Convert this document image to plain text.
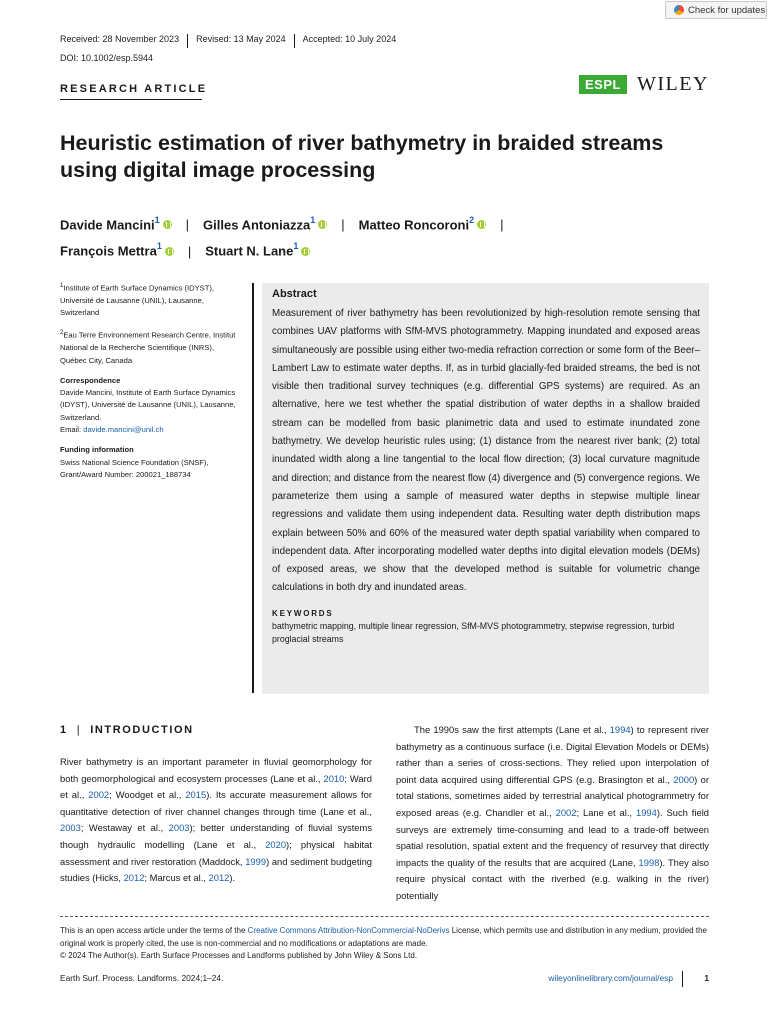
Check for updates
Received: 28 November 2023	Revised: 13 May 2024	Accepted: 10 July 2024
DOI: 10.1002/esp.5944
RESEARCH ARTICLE	ESPL WILEY
Heuristic estimation of river bathymetry in braided streams using digital image processing
Davide Mancini$^1$ | Gilles Antoniazza$^1$ | Matteo Roncoroni$^2$ |
François Mettra$^1$ | Stuart N. Lane$^1$

$^1$Institute of Earth Surface Dynamics (IDYST), Université de Lausanne (UNIL), Lausanne, Switzerland

$^2$Eau Terre Environnement Research Centre, Institut National de la Recherche Scientifique (INRS), Québec City, Canada

Correspondence
Davide Mancini, Institute of Earth Surface Dynamics (IDYST), Université de Lausanne (UNIL), Lausanne, Switzerland.
Email: davide.mancini@unil.ch

Funding information
Swiss National Science Foundation (SNSF), Grant/Award Number: 200021_188734

Abstract

Measurement of river bathymetry has been revolutionized by high-resolution remote sensing that combines UAV platforms with SfM-MVS photogrammetry. Mapping inundated and exposed areas simultaneously are possible using either two-media refraction correction or some form of the Beer–Lambert Law to estimate water depths. If, as in turbid glacially-fed braided streams, the bed is not visible then traditional survey techniques (e.g. differential GPS systems) are required. As an alternative, here we test whether the spatial distribution of water depths in a shallow braided stream can be modelled from basic planimetric data and used to estimate inundated zone bathymetry. We develop heuristic rules using; (1) distance from the nearest river bank; (2) total inundated width along a line tangential to the local flow direction; (3) local curvature magnitude and direction; and distance from the nearest flow (4) divergence and (5) convergence regions. We parameterize them using a sample of measured water depths in stepwise multiple linear regressions and validate them using independent data. Resulting water depth distribution maps explain between 50% and 60% of the measured water depth spatial variability when compared to independent data. After incorporating modelled water depths into digital elevation models (DEMs) of exposed areas, we show that the developed method is suitable for volumetric change calculations in both dry and inundated areas.

KEYWORDS
bathymetric mapping, multiple linear regression, SfM-MVS photogrammetry, stepwise regression, turbid proglacial streams
1 | INTRODUCTION

River bathymetry is an important parameter in fluvial geomorphology for both geomorphological and ecosystem processes (Lane et al., 2010; Ward et al., 2002; Woodget et al., 2015). Its accurate measurement allows for quantitative detection of river channel changes through time (Lane et al., 2003; Westaway et al., 2003); better understanding of fluvial systems though hydraulic modelling (Lane et al., 2020); physical habitat assessment and river restoration (Maddock, 1999) and sediment budgeting studies (Hicks, 2012; Marcus et al., 2012).

The 1990s saw the first attempts (Lane et al., 1994) to represent river bathymetry as a continuous surface (i.e. Digital Elevation Models or DEMs) rather than a series of cross-sections. They relied upon interpolation of point data acquired using differential GPS (e.g. Brasington et al., 2000) or total stations, sometimes aided by terrestrial analytical photogrammetry for exposed areas (e.g. Chandler et al., 2002; Lane et al., 1994). Such field surveys are extremely time-consuming and lead to a trade-off between spatial resolution, spatial extent and the frequency of resurvey that directly impacts the quality of the results that are acquired (Lane, 1998). They also require physical contact with the riverbed (e.g. walking in the river) potentially

This is an open access article under the terms of the Creative Commons Attribution-NonCommercial-NoDerivs License, which permits use and distribution in any medium, provided the original work is properly cited, the use is non-commercial and no modifications or adaptations are made.
© 2024 The Author(s). Earth Surface Processes and Landforms published by John Wiley & Sons Ltd.
Earth Surf. Process. Landforms. 2024;1–24.	wileyonlinelibrary.com/journal/esp	1
